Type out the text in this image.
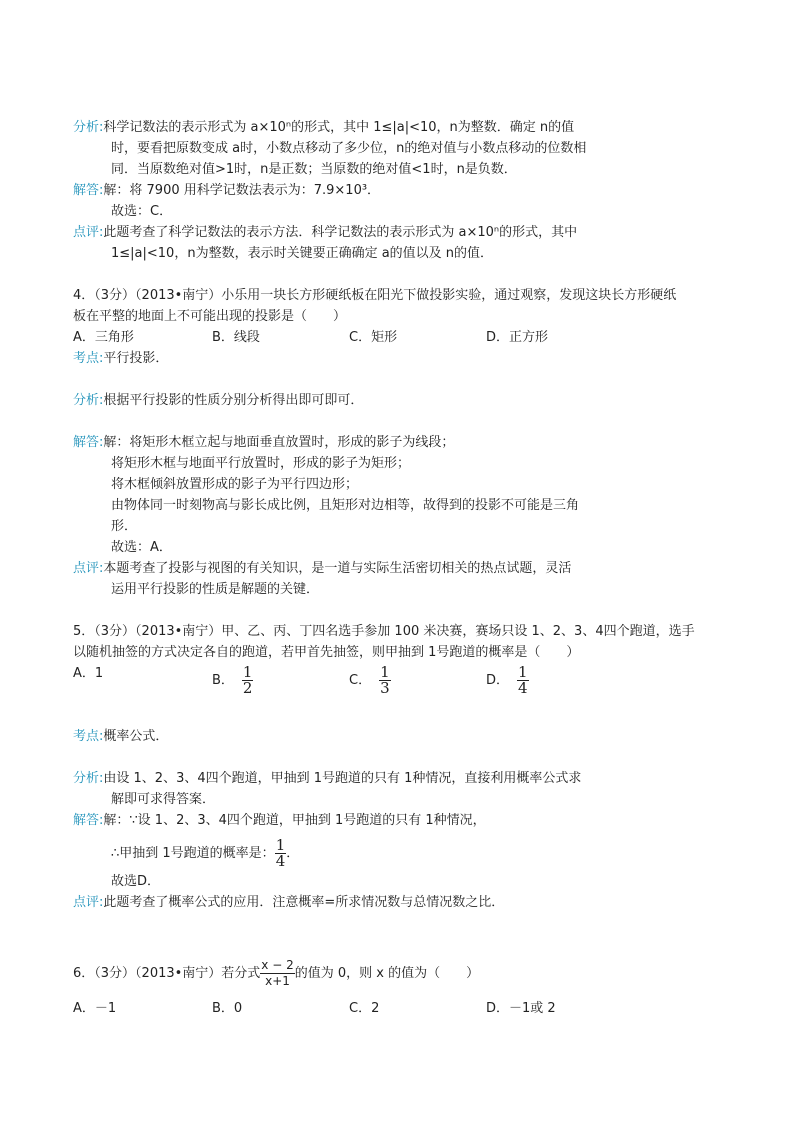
分析:科学记数法的表示形式为 a×10ⁿ的形式，其中 1≤|a|<10，n为整数．确定 n的值
时，要看把原数变成 a时，小数点移动了多少位，n的绝对值与小数点移动的位数相
同．当原数绝对值>1时，n是正数；当原数的绝对值<1时，n是负数．
解答:解：将 7900 用科学记数法表示为：7.9×10³．
故选：C．
点评:此题考查了科学记数法的表示方法．科学记数法的表示形式为 a×10ⁿ的形式，其中
1≤|a|<10，n为整数，表示时关键要正确确定 a的值以及 n的值．
4．（3分）（2013•南宁）小乐用一块长方形硬纸板在阳光下做投影实验，通过观察，发现这块长方形硬纸
板在平整的地面上不可能出现的投影是（　　）
A．三角形	B．线段	C．矩形	D．正方形
考点:平行投影．
分析:根据平行投影的性质分别分析得出即可即可．
解答:解：将矩形木框立起与地面垂直放置时，形成的影子为线段；
将矩形木框与地面平行放置时，形成的影子为矩形；
将木框倾斜放置形成的影子为平行四边形；
由物体同一时刻物高与影长成比例，且矩形对边相等，故得到的投影不可能是三角
形．
故选：A．
点评:本题考查了投影与视图的有关知识，是一道与实际生活密切相关的热点试题，灵活
运用平行投影的性质是解题的关键．
5．（3分）（2013•南宁）甲、乙、丙、丁四名选手参加 100 米决赛，赛场只设 1、2、3、4四个跑道，选手
以随机抽签的方式决定各自的跑道，若甲首先抽签，则甲抽到 1号跑道的概率是（　　）
A．1	B． $\frac{1}{2}$	C． $\frac{1}{3}$	D． $\frac{1}{4}$
考点:概率公式．
分析:由设 1、2、3、4四个跑道，甲抽到 1号跑道的只有 1种情况，直接利用概率公式求
解即可求得答案．
解答:解：∵设 1、2、3、4四个跑道，甲抽到 1号跑道的只有 1种情况，
∴甲抽到 1号跑道的概率是： $\frac{1}{4}$ ．
故选D．
点评:此题考查了概率公式的应用．注意概率=所求情况数与总情况数之比．
6．（3分）（2013•南宁）若分式 $\frac{x - 2}{x+1}$ 的值为 0，则 x 的值为（　　）
A．－1	B．0	C．2	D．－1或 2
